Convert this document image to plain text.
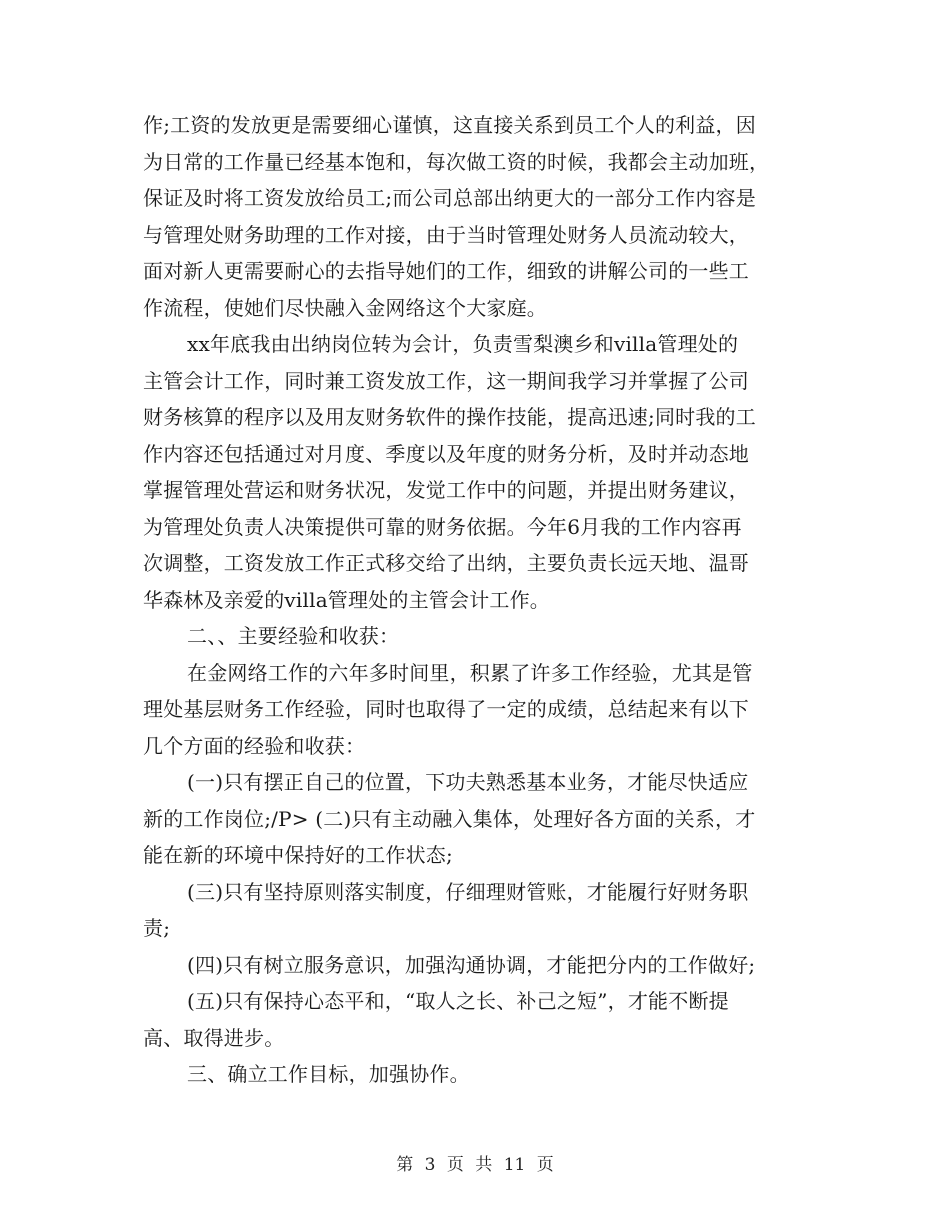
作;工资的发放更是需要细心谨慎，这直接关系到员工个人的利益，因
为日常的工作量已经基本饱和，每次做工资的时候，我都会主动加班，
保证及时将工资发放给员工;而公司总部出纳更大的一部分工作内容是
与管理处财务助理的工作对接，由于当时管理处财务人员流动较大，
面对新人更需要耐心的去指导她们的工作，细致的讲解公司的一些工
作流程，使她们尽快融入金网络这个大家庭。
xx年底我由出纳岗位转为会计，负责雪梨澳乡和villa管理处的
主管会计工作，同时兼工资发放工作，这一期间我学习并掌握了公司
财务核算的程序以及用友财务软件的操作技能，提高迅速;同时我的工
作内容还包括通过对月度、季度以及年度的财务分析，及时并动态地
掌握管理处营运和财务状况，发觉工作中的问题，并提出财务建议，
为管理处负责人决策提供可靠的财务依据。今年6月我的工作内容再
次调整，工资发放工作正式移交给了出纳，主要负责长远天地、温哥
华森林及亲爱的villa管理处的主管会计工作。
二、、主要经验和收获：
在金网络工作的六年多时间里，积累了许多工作经验，尤其是管
理处基层财务工作经验，同时也取得了一定的成绩，总结起来有以下
几个方面的经验和收获：
(一)只有摆正自己的位置，下功夫熟悉基本业务，才能尽快适应
新的工作岗位;/P> (二)只有主动融入集体，处理好各方面的关系，才
能在新的环境中保持好的工作状态;
(三)只有坚持原则落实制度，仔细理财管账，才能履行好财务职
责;
(四)只有树立服务意识，加强沟通协调，才能把分内的工作做好;
(五)只有保持心态平和，“取人之长、补己之短”，才能不断提
高、取得进步。
三、确立工作目标，加强协作。
第 3 页 共 11 页
